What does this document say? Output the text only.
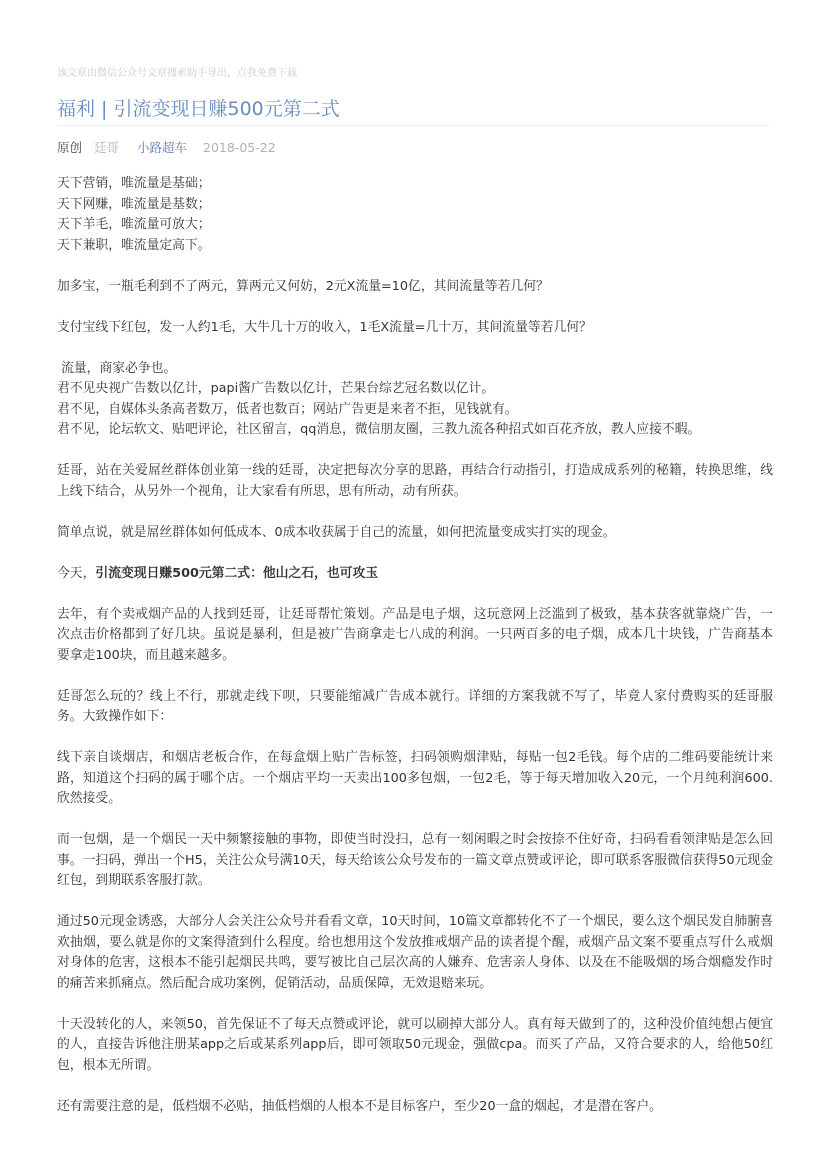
该文章由微信公众号文章搜索助手导出，点我免费下载
福利 | 引流变现日赚500元第二式
原创 廷哥 小路超车 2018-05-22

天下营销，唯流量是基础；
天下网赚，唯流量是基数；
天下羊毛，唯流量可放大；
天下兼职，唯流量定高下。

加多宝，一瓶毛利到不了两元，算两元又何妨，2元X流量=10亿，其间流量等若几何？

支付宝线下红包，发一人约1毛，大牛几十万的收入，1毛X流量=几十万，其间流量等若几何？

流量，商家必争也。
君不见央视广告数以亿计，papi酱广告数以亿计，芒果台综艺冠名数以亿计。
君不见，自媒体头条高者数万，低者也数百；网站广告更是来者不拒，见钱就有。
君不见，论坛软文、贴吧评论，社区留言，qq消息，微信朋友圈，三教九流各种招式如百花齐放，教人应接不暇。

廷哥，站在关爱屌丝群体创业第一线的廷哥，决定把每次分享的思路，再结合行动指引，打造成成系列的秘籍，转换思维，线上线下结合，从另外一个视角，让大家看有所思，思有所动，动有所获。

简单点说，就是屌丝群体如何低成本、0成本收获属于自己的流量，如何把流量变成实打实的现金。

今天，引流变现日赚500元第二式：他山之石，也可攻玉

去年，有个卖戒烟产品的人找到廷哥，让廷哥帮忙策划。产品是电子烟，这玩意网上泛滥到了极致，基本获客就靠烧广告，一次点击价格都到了好几块。虽说是暴利，但是被广告商拿走七八成的利润。一只两百多的电子烟，成本几十块钱，广告商基本要拿走100块，而且越来越多。

廷哥怎么玩的？线上不行，那就走线下呗，只要能缩减广告成本就行。详细的方案我就不写了，毕竟人家付费购买的廷哥服务。大致操作如下：

线下亲自谈烟店，和烟店老板合作，在每盒烟上贴广告标签，扫码领购烟津贴，每贴一包2毛钱。每个店的二维码要能统计来路，知道这个扫码的属于哪个店。一个烟店平均一天卖出100多包烟，一包2毛，等于每天增加收入20元，一个月纯利润600.欣然接受。

而一包烟，是一个烟民一天中频繁接触的事物，即使当时没扫，总有一刻闲暇之时会按捺不住好奇，扫码看看领津贴是怎么回事。一扫码，弹出一个H5，关注公众号满10天，每天给该公众号发布的一篇文章点赞或评论，即可联系客服微信获得50元现金红包，到期联系客服打款。

通过50元现金诱惑，大部分人会关注公众号并看看文章，10天时间，10篇文章都转化不了一个烟民，要么这个烟民发自肺腑喜欢抽烟，要么就是你的文案得渣到什么程度。给也想用这个发放推戒烟产品的读者提个醒，戒烟产品文案不要重点写什么戒烟对身体的危害，这根本不能引起烟民共鸣，要写被比自己层次高的人嫌弃、危害亲人身体、以及在不能吸烟的场合烟瘾发作时的痛苦来抓痛点。然后配合成功案例，促销活动，品质保障，无效退赔来玩。

十天没转化的人，来领50，首先保证不了每天点赞或评论，就可以刷掉大部分人。真有每天做到了的，这种没价值纯想占便宜的人，直接告诉他注册某app之后或某系列app后，即可领取50元现金，强做cpa。而买了产品，又符合要求的人，给他50红包，根本无所谓。

还有需要注意的是，低档烟不必贴，抽低档烟的人根本不是目标客户，至少20一盒的烟起，才是潜在客户。
